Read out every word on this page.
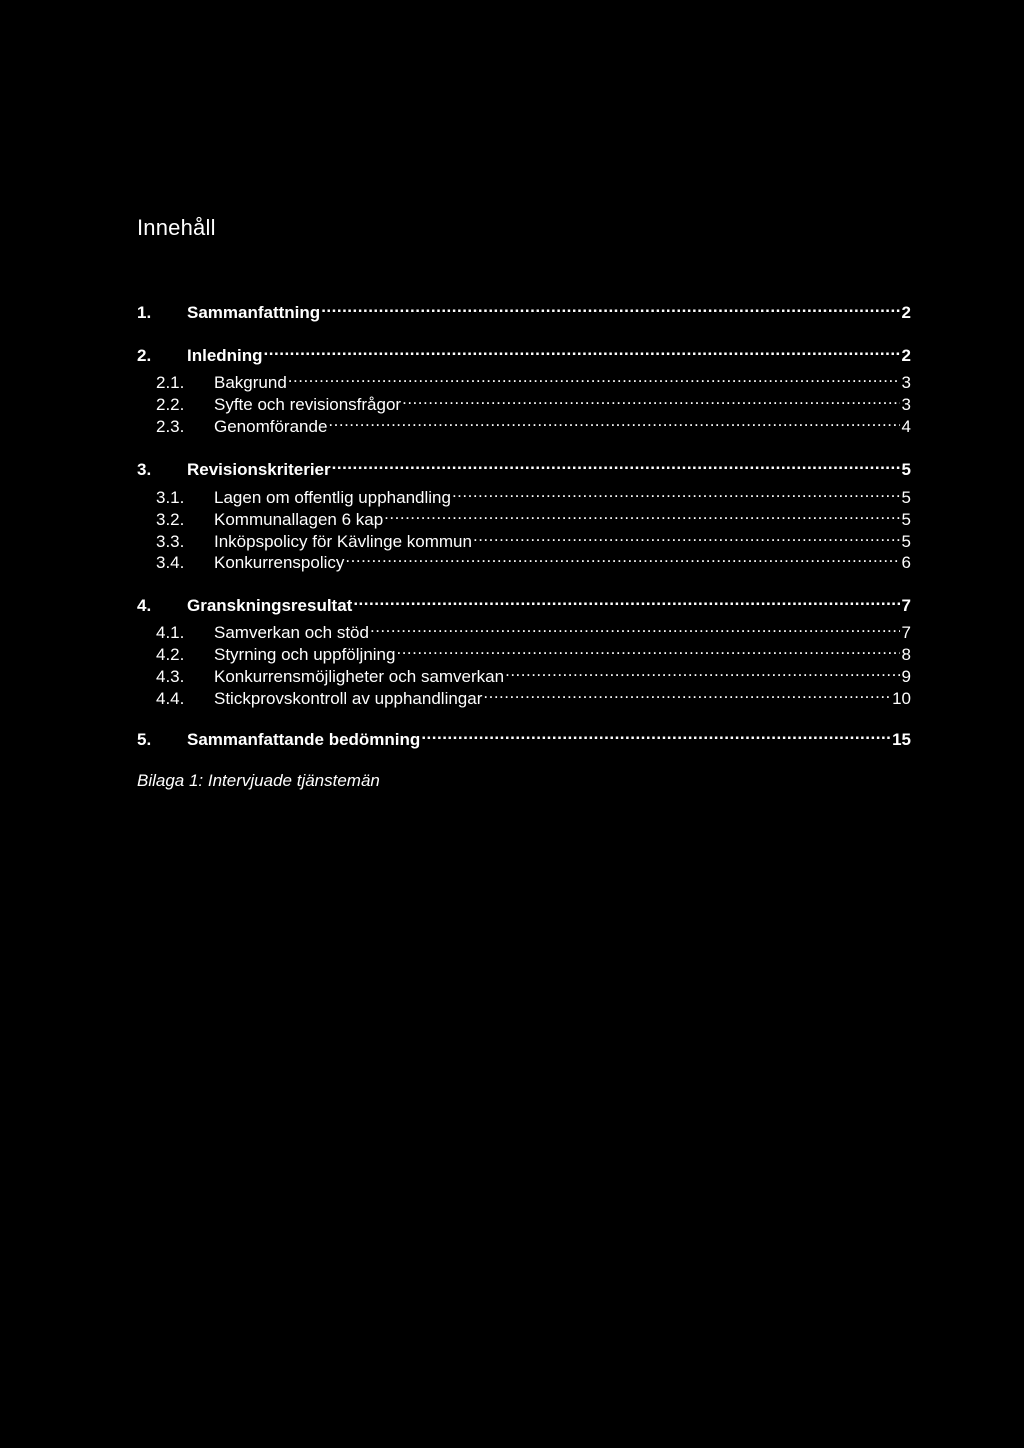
Innehåll
1.	Sammanfattning .....	2
2.	Inledning .....	2
2.1.	Bakgrund .....	3
2.2.	Syfte och revisionsfrågor .....	3
2.3.	Genomförande .....	4
3.	Revisionskriterier .....	5
3.1.	Lagen om offentlig upphandling .....	5
3.2.	Kommunallagen 6 kap .....	5
3.3.	Inköpspolicy för Kävlinge kommun .....	5
3.4.	Konkurrenspolicy .....	6
4.	Granskningsresultat .....	7
4.1.	Samverkan och stöd .....	7
4.2.	Styrning och uppföljning .....	8
4.3.	Konkurrensmöjligheter och samverkan .....	9
4.4.	Stickprovskontroll av upphandlingar .....	10
5.	Sammanfattande bedömning .....	15
Bilaga 1: Intervjuade tjänstemän
